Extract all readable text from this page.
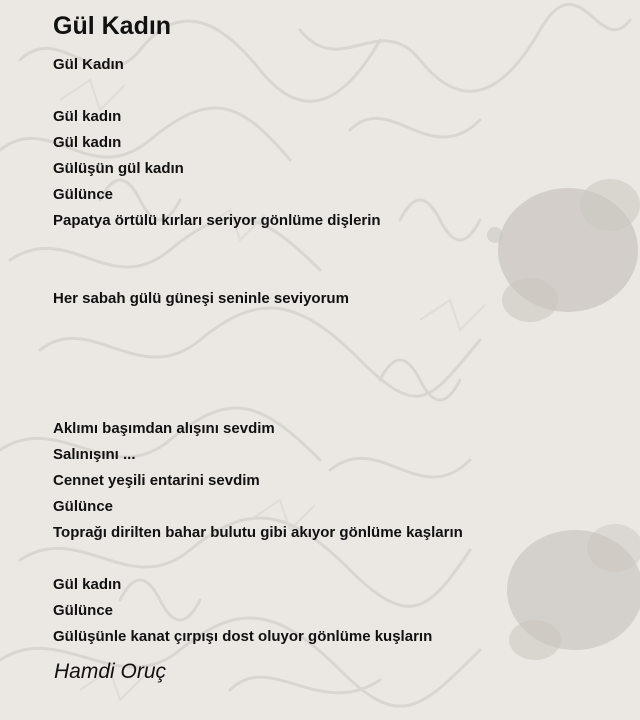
Gül Kadın
Gül Kadın
Gül kadın
Gül kadın
Gülüşün gül kadın
Gülünce
Papatya örtülü kırları seriyor gönlüme dişlerin
Her sabah gülü güneşi seninle seviyorum
Aklımı başımdan alışını sevdim
Salınışını ...
Cennet yeşili entarini sevdim
Gülünce
Toprağı dirilten bahar bulutu gibi akıyor gönlüme kaşların
Gül kadın
Gülünce
Gülüşünle kanat çırpışı dost oluyor gönlüme kuşların
Hamdi Oruç
